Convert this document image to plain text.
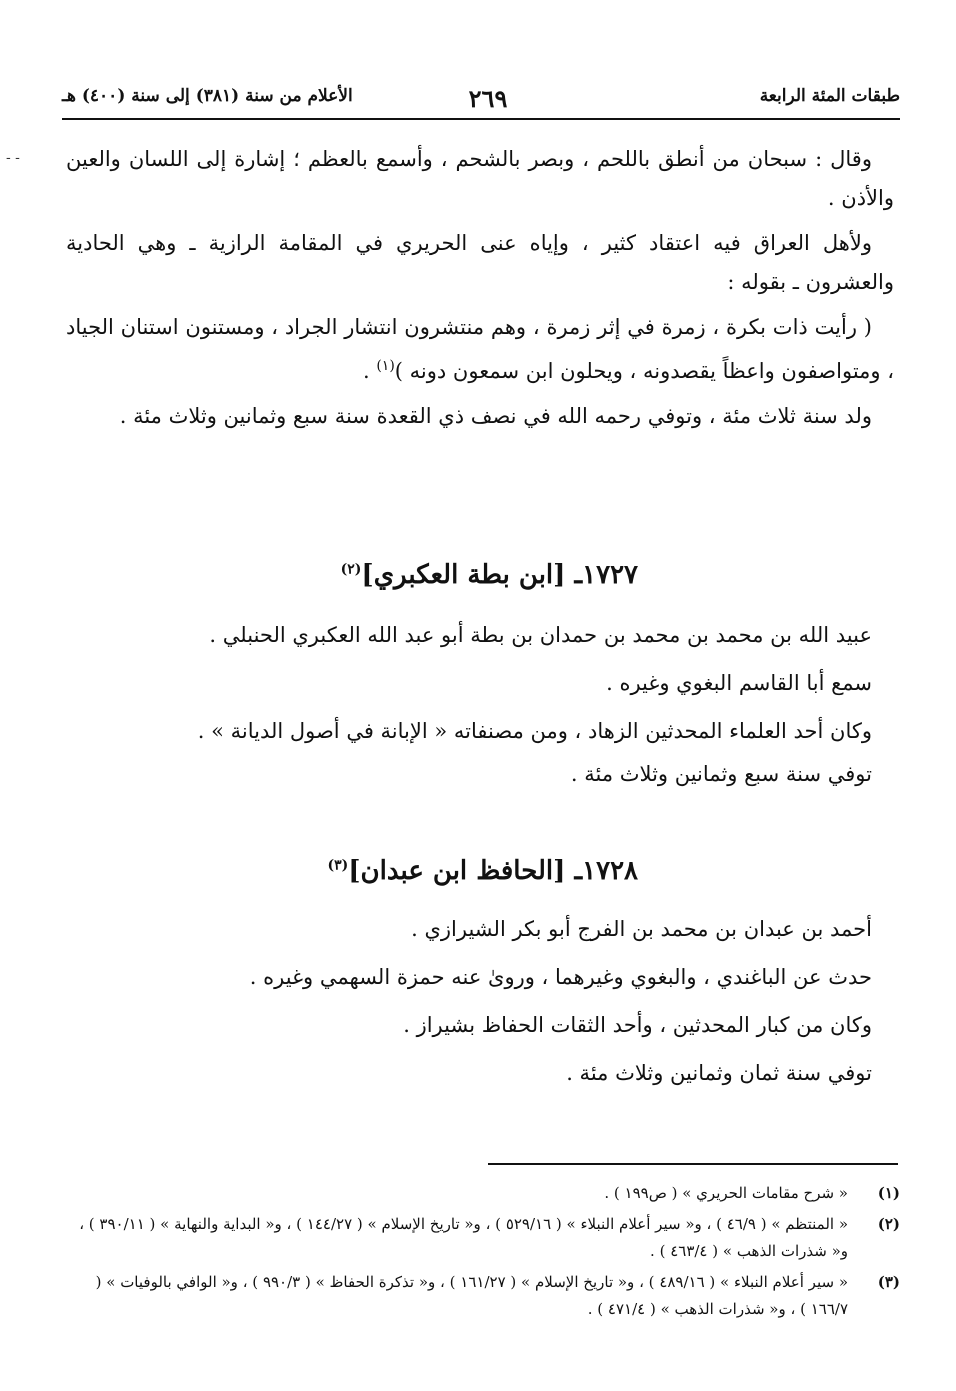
طبقات المئة الرابعة
٢٦٩
الأعلام من سنة (٣٨١) إلى سنة (٤٠٠) هـ
- - وقال : سبحان من أنطق باللحم ، وبصر بالشحم ، وأسمع بالعظم ؛ إشارة إلى اللسان والعين والأذن .

ولأهل العراق فيه اعتقاد كثير ، وإياه عنى الحريري في المقامة الرازية ـ وهي الحادية والعشرون ـ بقوله :

( رأيت ذات بكرة ، زمرة في إثر زمرة ، وهم منتشرون انتشار الجراد ، ومستنون استنان الجياد ، ومتواصفون واعظاً يقصدونه ، ويحلون ابن سمعون دونه )$^{(١)}$ .

ولد سنة ثلاث مئة ، وتوفي رحمه الله في نصف ذي القعدة سنة سبع وثمانين وثلاث مئة .

١٧٢٧ـ [ابن بطة العكبري]$^{(٢)}$

عبيد الله بن محمد بن محمد بن حمدان بن بطة أبو عبد الله العكبري الحنبلي .

سمع أبا القاسم البغوي وغيره .

وكان أحد العلماء المحدثين الزهاد ، ومن مصنفاته « الإبانة في أصول الديانة » .

توفي سنة سبع وثمانين وثلاث مئة .

١٧٢٨ـ [الحافظ ابن عبدان]$^{(٣)}$

أحمد بن عبدان بن محمد بن الفرج أبو بكر الشيرازي .

حدث عن الباغندي ، والبغوي وغيرهما ، وروىٰ عنه حمزة السهمي وغيره .

وكان من كبار المحدثين ، وأحد الثقات الحفاظ بشيراز .

توفي سنة ثمان وثمانين وثلاث مئة .

(١)
« شرح مقامات الحريري » ( ص١٩٩ ) .
(٢)
« المنتظم » ( ٤٦/٩ ) ، و« سير أعلام النبلاء » ( ٥٢٩/١٦ ) ، و« تاريخ الإسلام » ( ١٤٤/٢٧ ) ، و« البداية والنهاية » ( ٣٩٠/١١ ) ، و« شذرات الذهب » ( ٤٦٣/٤ ) .
(٣)
« سير أعلام النبلاء » ( ٤٨٩/١٦ ) ، و« تاريخ الإسلام » ( ١٦١/٢٧ ) ، و« تذكرة الحفاظ » ( ٩٩٠/٣ ) ، و« الوافي بالوفيات » ( ١٦٦/٧ ) ، و« شذرات الذهب » ( ٤٧١/٤ ) .
